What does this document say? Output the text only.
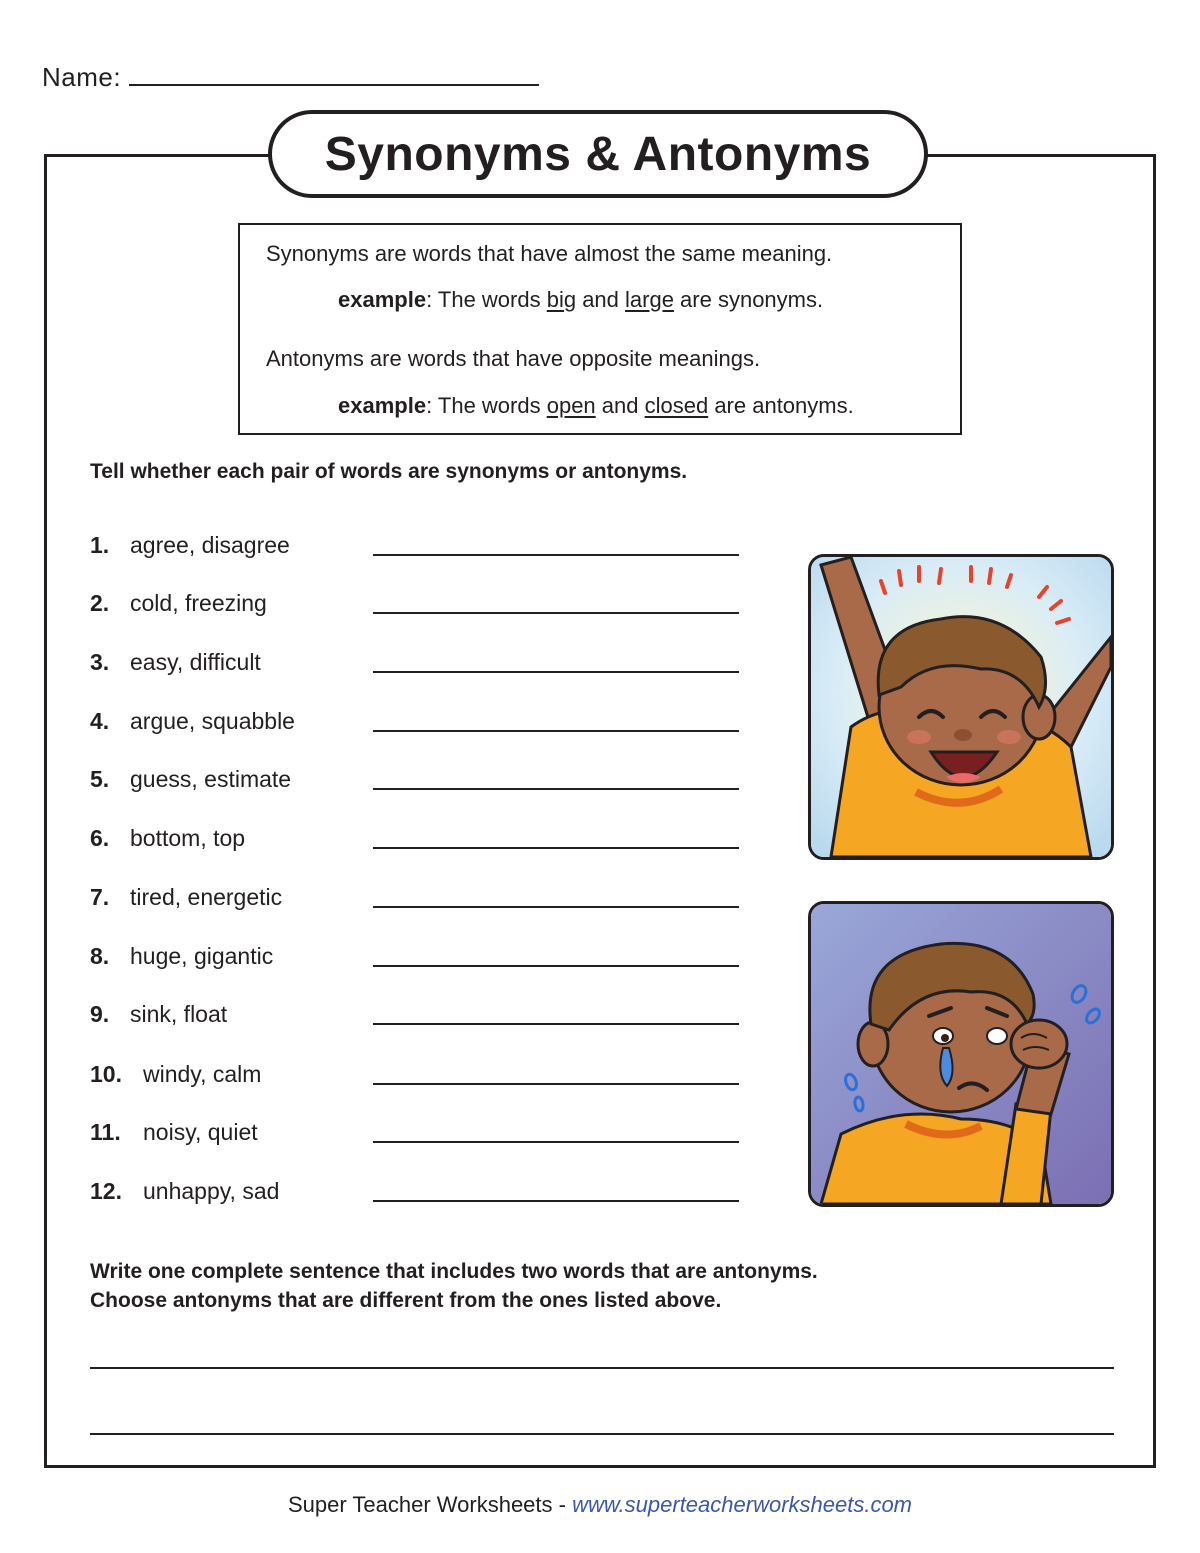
Name:
Synonyms & Antonyms
Synonyms are words that have almost the same meaning.
example: The words big and large are synonyms.
Antonyms are words that have opposite meanings.
example: The words open and closed are antonyms.
Tell whether each pair of words are synonyms or antonyms.
1. agree, disagree
2. cold, freezing
3. easy, difficult
4. argue, squabble
5. guess, estimate
6. bottom, top
7. tired, energetic
8. huge, gigantic
9. sink, float
10. windy, calm
11. noisy, quiet
12. unhappy, sad
Write one complete sentence that includes two words that are antonyms.
Choose antonyms that are different from the ones listed above.
Super Teacher Worksheets - www.superteacherworksheets.com
